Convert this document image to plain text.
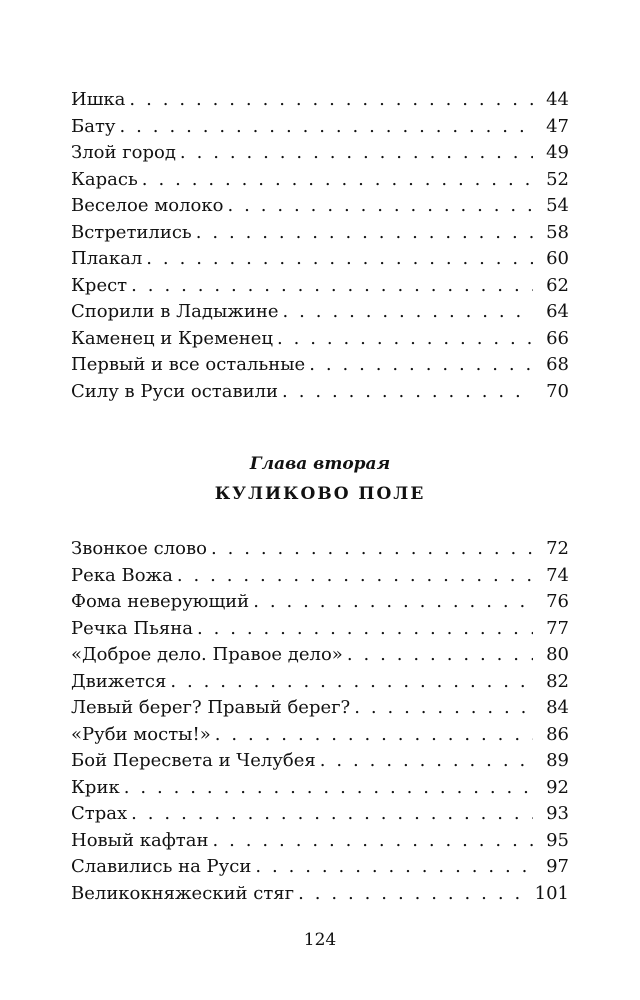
Ишка . . .	44
Бату . . .	47
Злой город . . .	49
Карась . . .	52
Веселое молоко . . .	54
Встретились . . .	58
Плакал . . .	60
Крест . . .	62
Спорили в Ладыжине . . .	64
Каменец и Кременец . . .	66
Первый и все остальные . . .	68
Силу в Руси оставили . . .	70
Глава вторая
КУЛИКОВО ПОЛЕ
Звонкое слово . . .	72
Река Вожа . . .	74
Фома неверующий . . .	76
Речка Пьяна . . .	77
«Доброе дело. Правое дело» . . .	80
Движется . . .	82
Левый берег? Правый берег? . . .	84
«Руби мосты!» . . .	86
Бой Пересвета и Челубея . . .	89
Крик . . .	92
Страх . . .	93
Новый кафтан . . .	95
Славились на Руси . . .	97
Великокняжеский стяг . . .	101
124
